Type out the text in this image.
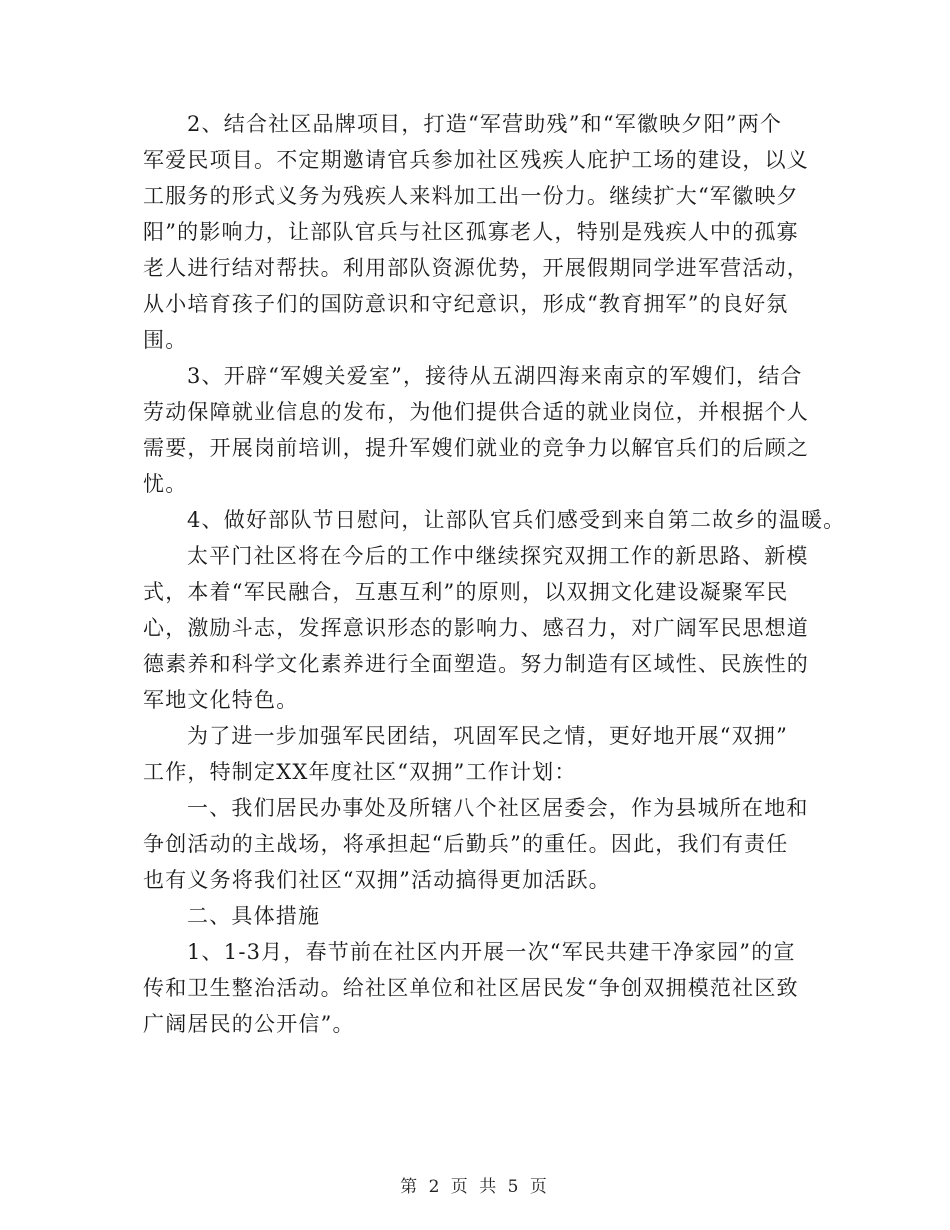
2、结合社区品牌项目，打造“军营助残”和“军徽映夕阳”两个
军爱民项目。不定期邀请官兵参加社区残疾人庇护工场的建设，以义
工服务的形式义务为残疾人来料加工出一份力。继续扩大“军徽映夕
阳”的影响力，让部队官兵与社区孤寡老人，特别是残疾人中的孤寡
老人进行结对帮扶。利用部队资源优势，开展假期同学进军营活动，
从小培育孩子们的国防意识和守纪意识，形成“教育拥军”的良好氛
围。

3、开辟“军嫂关爱室”，接待从五湖四海来南京的军嫂们，结合
劳动保障就业信息的发布，为他们提供合适的就业岗位，并根据个人
需要，开展岗前培训，提升军嫂们就业的竞争力以解官兵们的后顾之
忧。

4、做好部队节日慰问，让部队官兵们感受到来自第二故乡的温暖。

太平门社区将在今后的工作中继续探究双拥工作的新思路、新模
式，本着“军民融合，互惠互利”的原则，以双拥文化建设凝聚军民
心，激励斗志，发挥意识形态的影响力、感召力，对广阔军民思想道
德素养和科学文化素养进行全面塑造。努力制造有区域性、民族性的
军地文化特色。

为了进一步加强军民团结，巩固军民之情，更好地开展“双拥”
工作，特制定XX年度社区“双拥”工作计划：

一、我们居民办事处及所辖八个社区居委会，作为县城所在地和
争创活动的主战场，将承担起“后勤兵”的重任。因此，我们有责任
也有义务将我们社区“双拥”活动搞得更加活跃。

二、具体措施

1、1-3月，春节前在社区内开展一次“军民共建干净家园”的宣
传和卫生整治活动。给社区单位和社区居民发“争创双拥模范社区致
广阔居民的公开信”。

第 2 页 共 5 页
